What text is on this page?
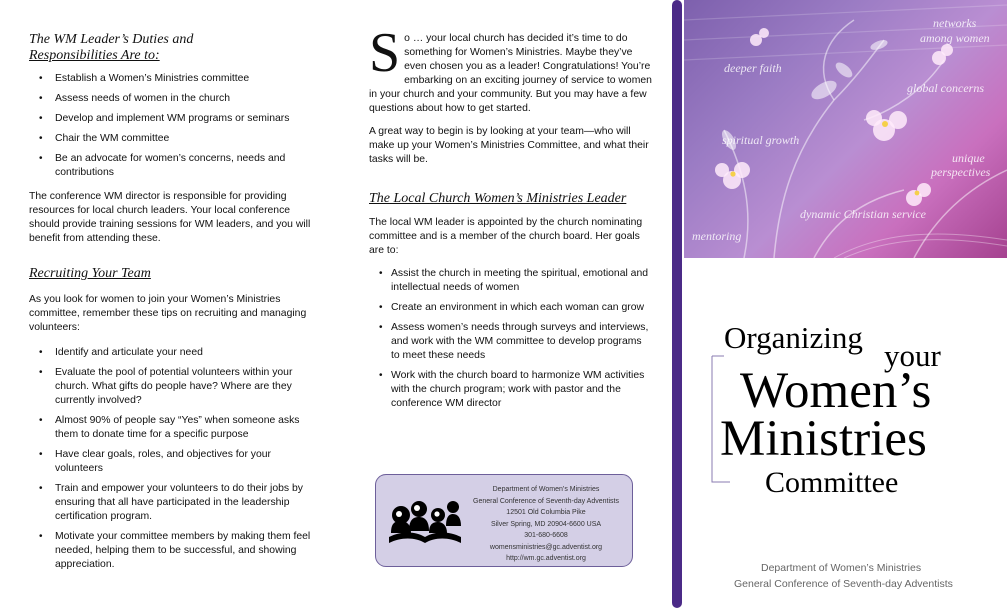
The WM Leader’s Duties and
Responsibilities Are to:
• Establish a Women’s Ministries committee
• Assess needs of women in the church
• Develop and implement WM programs or seminars
• Chair the WM committee
• Be an advocate for women’s concerns, needs and contributions

The conference WM director is responsible for providing resources for local church leaders. Your local conference should provide training sessions for WM leaders, and you will benefit from attending these.

Recruiting Your Team

As you look for women to join your Women’s Ministries committee, remember these tips on recruiting and managing volunteers:

• Identify and articulate your need
• Evaluate the pool of potential volunteers within your church. What gifts do people have? Where are they currently involved?
• Almost 90% of people say “Yes” when someone asks them to donate time for a specific purpose
• Have clear goals, roles, and objectives for your volunteers
• Train and empower your volunteers to do their jobs by ensuring that all have participated in the leadership certification program.
• Motivate your committee members by making them feel needed, helping them to be successful, and showing appreciation.
S o … your local church has decided it’s time to do something for Women’s Ministries. Maybe they’ve even chosen you as a leader! Congratulations! You’re embarking on an exciting journey of service to women in your church and your community. But you may have a few questions about how to get started.

A great way to begin is by looking at your team—who will make up your Women’s Ministries Committee, and what their tasks will be.

The Local Church Women’s Ministries Leader

The local WM leader is appointed by the church nominating committee and is a member of the church board. Her goals are to:

• Assist the church in meeting the spiritual, emotional and intellectual needs of women
• Create an environment in which each woman can grow
• Assess women’s needs through surveys and interviews, and work with the WM committee to develop programs to meet these needs
• Work with the church board to harmonize WM activities with the church program; work with pastor and the conference WM director
Department of Women’s Ministries
General Conference of Seventh-day Adventists
12501 Old Columbia Pike
Silver Spring, MD 20904-6600 USA
301-680-6608
womensministries@gc.adventist.org
http://wm.gc.adventist.org
networks
among women
deeper faith
global concerns
spiritual growth
unique
perspectives
dynamic Christian service
mentoring
Organizing
your
Women’s
Ministries
Committee
Department of Women’s Ministries
General Conference of Seventh-day Adventists
